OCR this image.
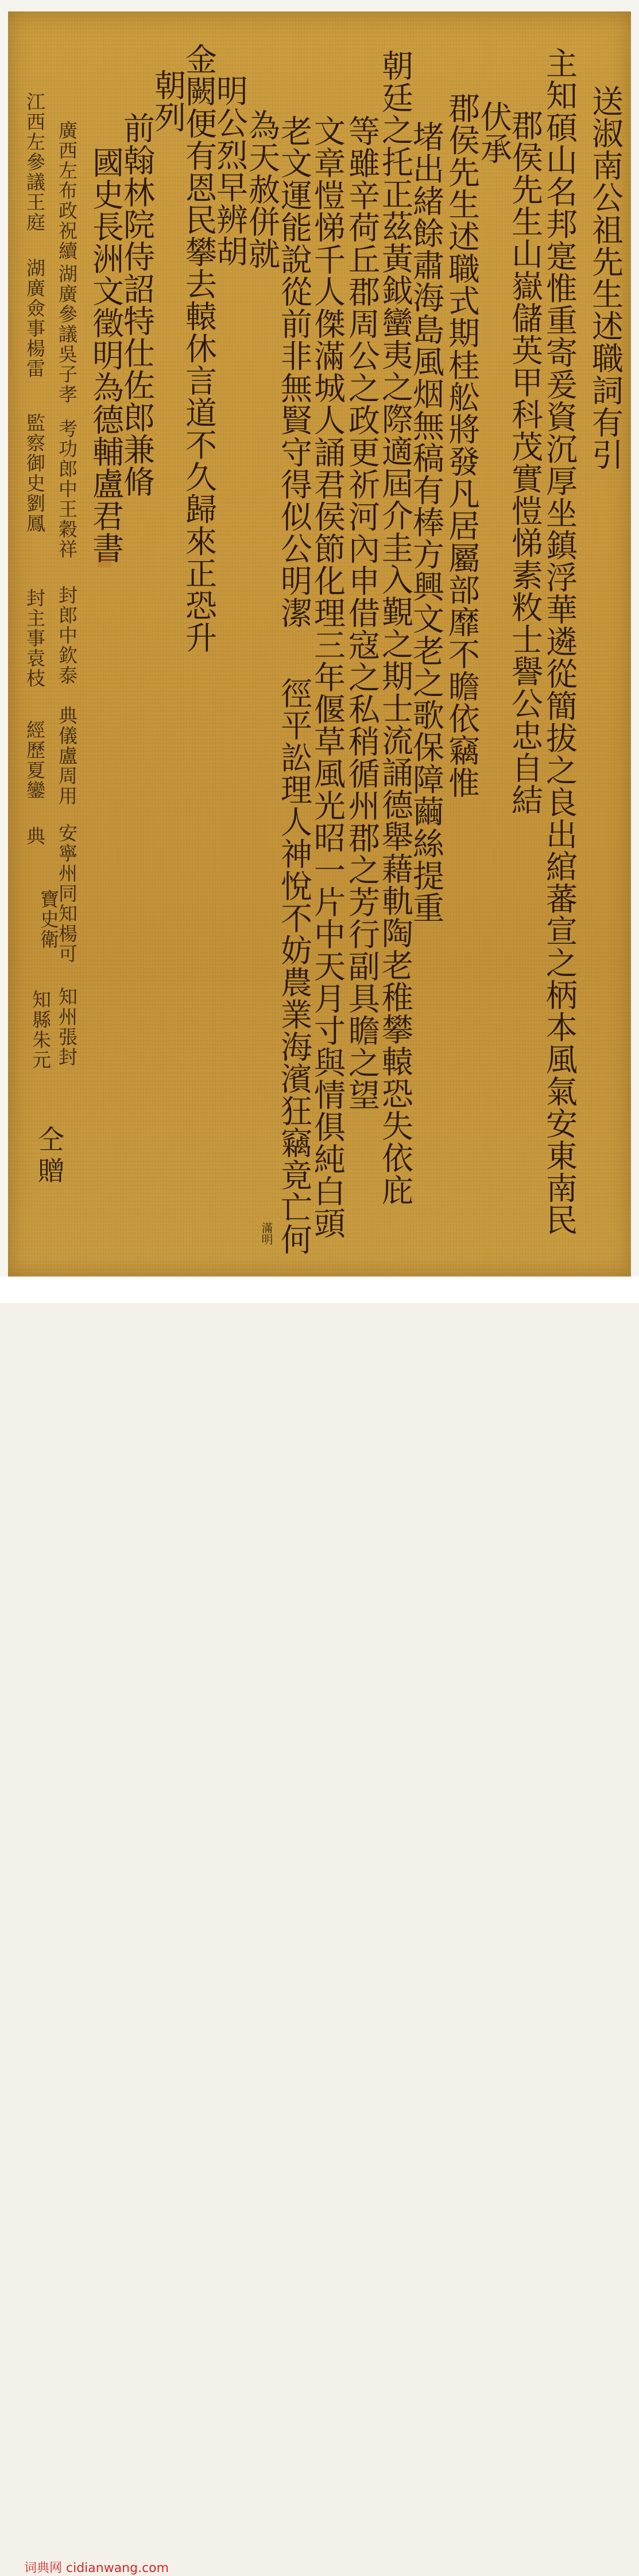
送淑南公祖先生述職詞有引
主知碩山名邦寔惟重寄爰資沉厚坐鎮浮華遴從簡拔之良出綰蕃宣之柄本風氣安東南民
郡侯先生山嶽儲英甲科茂實愷悌素敉士譽公忠自結
伏承
郡侯先生述職式期桂舩將發凡居屬部靡不瞻依竊惟
堵出緒餘肅海島風烟無稿有棒方興文老之歌保障繭絲提重
朝廷之托正茲黃鉞蠻夷之際適屆介圭入覲之期士流誦德舉藉軌陶老稚攀轅恐失依庇
等雖辛荷丘郡周公之政更祈河內申借寇之私稍循州郡之芳行副具瞻之望
文章愷悌千人傑滿城人誦君侯節化理三年偃草風光昭一片中天月寸與情俱純白頭
老文運能說從前非無賢守得似公明潔
徑平訟理人神悅不妨農業海濱狂竊竟亡何
為天赦併就
明公烈早辨胡
金闕便有恩民攀去轅休言道不久歸來正恐升
朝列
前翰林院侍詔特仕佐郎兼脩
國史長洲文徵明為德輔盧君書
滿明
廣西左布政祝續
湖廣參議吳子孝
考功郎中王穀祥
封郎中欽泰
典儀盧周用
安寧州同知楊可
知州張封
江西左參議王庭
湖廣僉事楊雷
監察御史劉鳳
封主事袁枝
經歷夏鑾
典
寶史衛
知縣朱元
仝
贈
词典网 cidianwang.com
